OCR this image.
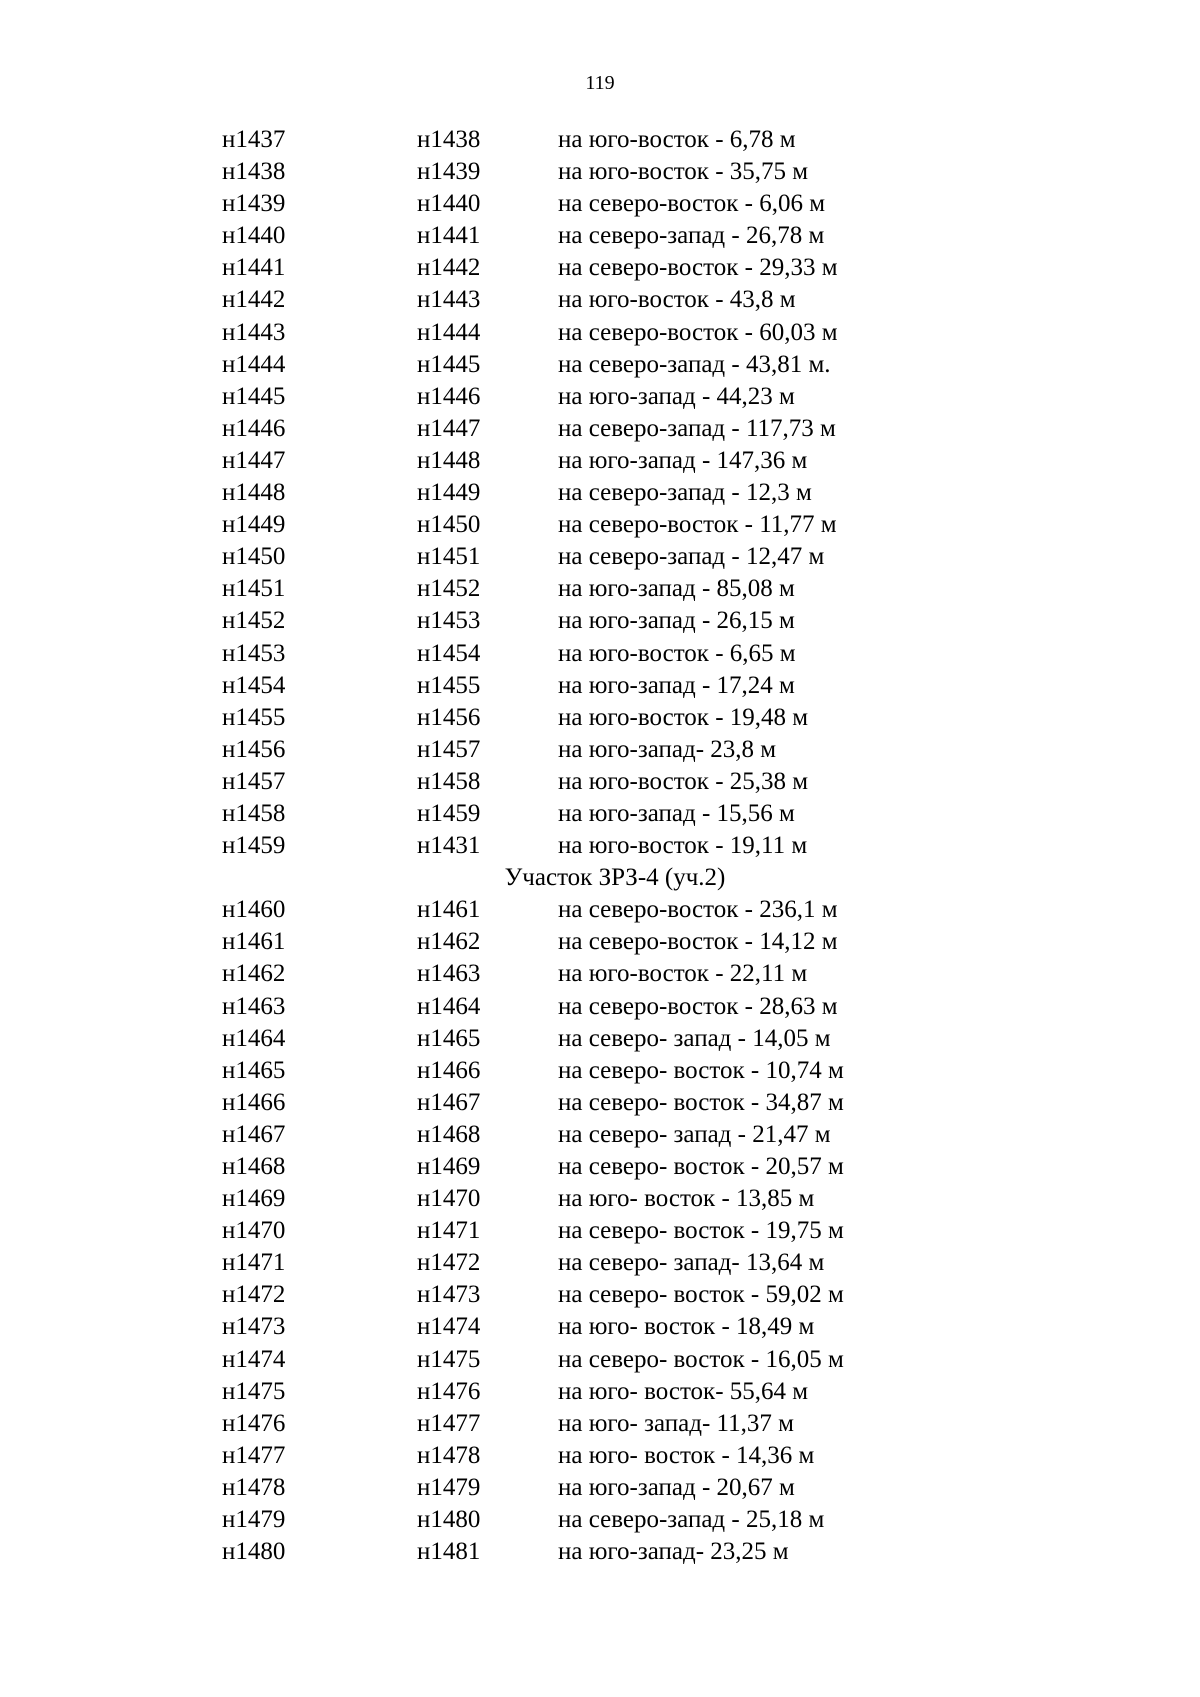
119
н1437	н1438	на юго-восток - 6,78 м
н1438	н1439	на юго-восток - 35,75 м
н1439	н1440	на северо-восток - 6,06 м
н1440	н1441	на северо-запад - 26,78 м
н1441	н1442	на северо-восток - 29,33 м
н1442	н1443	на юго-восток - 43,8 м
н1443	н1444	на северо-восток - 60,03 м
н1444	н1445	на северо-запад - 43,81 м.
н1445	н1446	на юго-запад - 44,23 м
н1446	н1447	на северо-запад - 117,73 м
н1447	н1448	на юго-запад - 147,36 м
н1448	н1449	на северо-запад - 12,3 м
н1449	н1450	на северо-восток - 11,77 м
н1450	н1451	на северо-запад - 12,47 м
н1451	н1452	на юго-запад - 85,08 м
н1452	н1453	на юго-запад - 26,15 м
н1453	н1454	на юго-восток - 6,65 м
н1454	н1455	на юго-запад - 17,24 м
н1455	н1456	на юго-восток - 19,48 м
н1456	н1457	на юго-запад- 23,8 м
н1457	н1458	на юго-восток - 25,38 м
н1458	н1459	на юго-запад - 15,56 м
н1459	н1431	на юго-восток - 19,11 м
Участок ЗРЗ-4 (уч.2)
н1460	н1461	на северо-восток - 236,1 м
н1461	н1462	на северо-восток - 14,12 м
н1462	н1463	на юго-восток - 22,11 м
н1463	н1464	на северо-восток - 28,63 м
н1464	н1465	на северо- запад - 14,05 м
н1465	н1466	на северо- восток - 10,74 м
н1466	н1467	на северо- восток - 34,87 м
н1467	н1468	на северо- запад - 21,47 м
н1468	н1469	на северо- восток - 20,57 м
н1469	н1470	на юго- восток - 13,85 м
н1470	н1471	на северо- восток - 19,75 м
н1471	н1472	на северо- запад- 13,64 м
н1472	н1473	на северо- восток - 59,02 м
н1473	н1474	на юго- восток - 18,49 м
н1474	н1475	на северо- восток - 16,05 м
н1475	н1476	на юго- восток- 55,64 м
н1476	н1477	на юго- запад- 11,37 м
н1477	н1478	на юго- восток - 14,36 м
н1478	н1479	на юго-запад - 20,67 м
н1479	н1480	на северо-запад - 25,18 м
н1480	н1481	на юго-запад- 23,25 м
